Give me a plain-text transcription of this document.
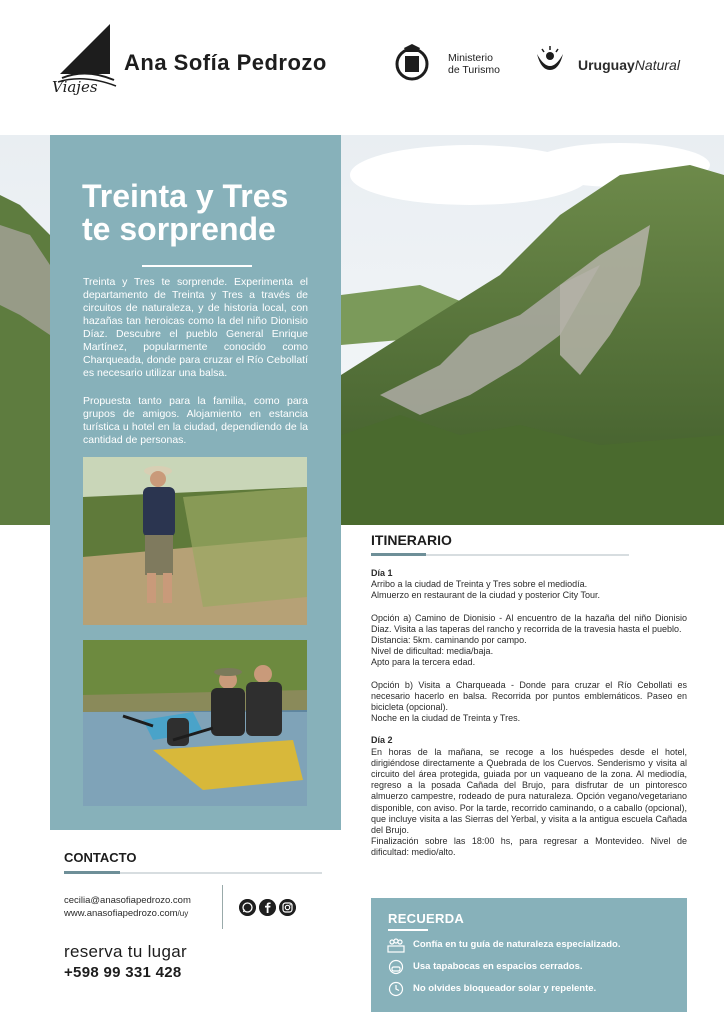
Ana Sofía Pedrozo
Viajes
Ministerio
de Turismo	UruguayNatural
Treinta y Tres
te sorprende
Treinta y Tres te sorprende. Experimenta el departamento de Treinta y Tres a través de circuitos de naturaleza, y de historia local, con hazañas tan heroicas como la del niño Dionisio Díaz. Descubre el pueblo General Enrique Martínez, popularmente conocido como Charqueada, donde para cruzar el Río Cebollatí es necesario utilizar una balsa.
Propuesta tanto para la familia, como para grupos de amigos. Alojamiento en estancia turística u hotel en la ciudad, dependiendo de la cantidad de personas.
ITINERARIO

Día 1

Arribo a la ciudad de Treinta y Tres sobre el mediodía.

Almuerzo en restaurant de la ciudad y posterior City Tour.

Opción a) Camino de Dionisio - Al encuentro de la hazaña del niño Dionisio Diaz. Visita a las taperas del rancho y recorrida de la travesia hasta el pueblo.

Distancia: 5km. caminando por campo.

Nivel de dificultad: media/baja.

Apto para la tercera edad.

Opción b) Visita a Charqueada - Donde para cruzar el Río Cebollati es necesario hacerlo en balsa. Recorrida por puntos emblemáticos. Paseo en bicicleta (opcional).

Noche en la ciudad de Treinta y Tres.

Día 2

En horas de la mañana, se recoge a los huéspedes desde el hotel, dirigiéndose directamente a Quebrada de los Cuervos. Senderismo y visita al circuito del área protegida, guiada por un vaqueano de la zona. Al mediodía, regreso a la posada Cañada del Brujo, para disfrutar de un pintoresco almuerzo campestre, rodeado de pura naturaleza. Opción vegano/vegetariano disponible, con aviso. Por la tarde, recorrido caminando, o a caballo (opcional), que incluye visita a las Sierras del Yerbal, y visita a la antigua escuela Cañada del Brujo.

Finalización sobre las 18:00 hs, para regresar a Montevideo. Nivel de dificultad: medio/alto.

CONTACTO
cecilia@anasofiapedrozo.com
www.anasofiapedrozo.com/uy
reserva tu lugar
+598 99 331 428
RECUERDA
Confía en tu guía de naturaleza especializado.
Usa tapabocas en espacios cerrados.
No olvides bloqueador solar y repelente.
